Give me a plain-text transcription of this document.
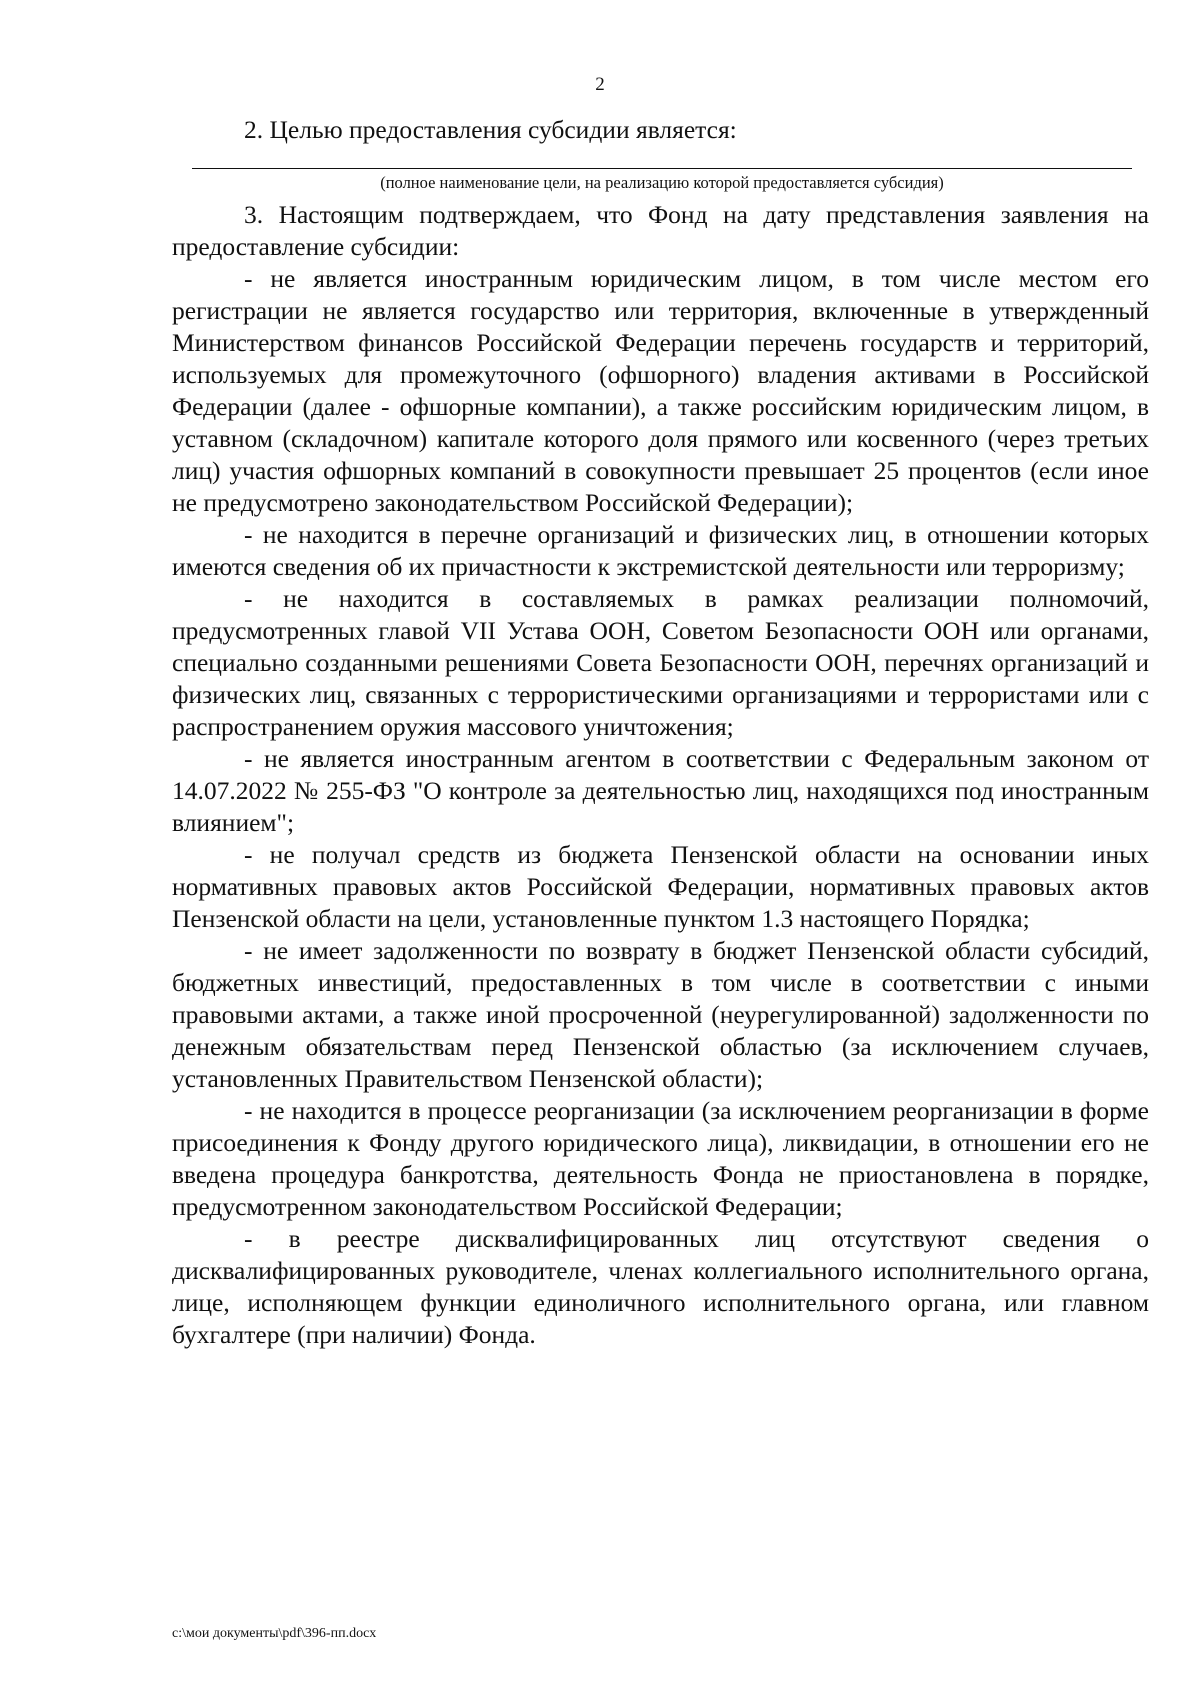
2

2. Целью предоставления субсидии является:

(полное наименование цели, на реализацию которой предоставляется субсидия)

3. Настоящим подтверждаем, что Фонд на дату представления заявления на предоставление субсидии:

- не является иностранным юридическим лицом, в том числе местом его регистрации не является государство или территория, включенные в утвержденный Министерством финансов Российской Федерации перечень государств и территорий, используемых для промежуточного (офшорного) владения активами в Российской Федерации (далее - офшорные компании), а также российским юридическим лицом, в уставном (складочном) капитале которого доля прямого или косвенного (через третьих лиц) участия офшорных компаний в совокупности превышает 25 процентов (если иное не предусмотрено законодательством Российской Федерации);

- не находится в перечне организаций и физических лиц, в отношении которых имеются сведения об их причастности к экстремистской деятельности или терроризму;

- не находится в составляемых в рамках реализации полномочий, предусмотренных главой VII Устава ООН, Советом Безопасности ООН или органами, специально созданными решениями Совета Безопасности ООН, перечнях организаций и физических лиц, связанных с террористическими организациями и террористами или с распространением оружия массового уничтожения;

- не является иностранным агентом в соответствии с Федеральным законом от 14.07.2022 № 255-ФЗ "О контроле за деятельностью лиц, находящихся под иностранным влиянием";

- не получал средств из бюджета Пензенской области на основании иных нормативных правовых актов Российской Федерации, нормативных правовых актов Пензенской области на цели, установленные пунктом 1.3 настоящего Порядка;

- не имеет задолженности по возврату в бюджет Пензенской области субсидий, бюджетных инвестиций, предоставленных в том числе в соответствии с иными правовыми актами, а также иной просроченной (неурегулированной) задолженности по денежным обязательствам перед Пензенской областью (за исключением случаев, установленных Правительством Пензенской области);

- не находится в процессе реорганизации (за исключением реорганизации в форме присоединения к Фонду другого юридического лица), ликвидации, в отношении его не введена процедура банкротства, деятельность Фонда не приостановлена в порядке, предусмотренном законодательством Российской Федерации;

- в реестре дисквалифицированных лиц отсутствуют сведения о дисквалифицированных руководителе, членах коллегиального исполнительного органа, лице, исполняющем функции единоличного исполнительного органа, или главном бухгалтере (при наличии) Фонда.

c:\мои документы\pdf\396-пп.docx
